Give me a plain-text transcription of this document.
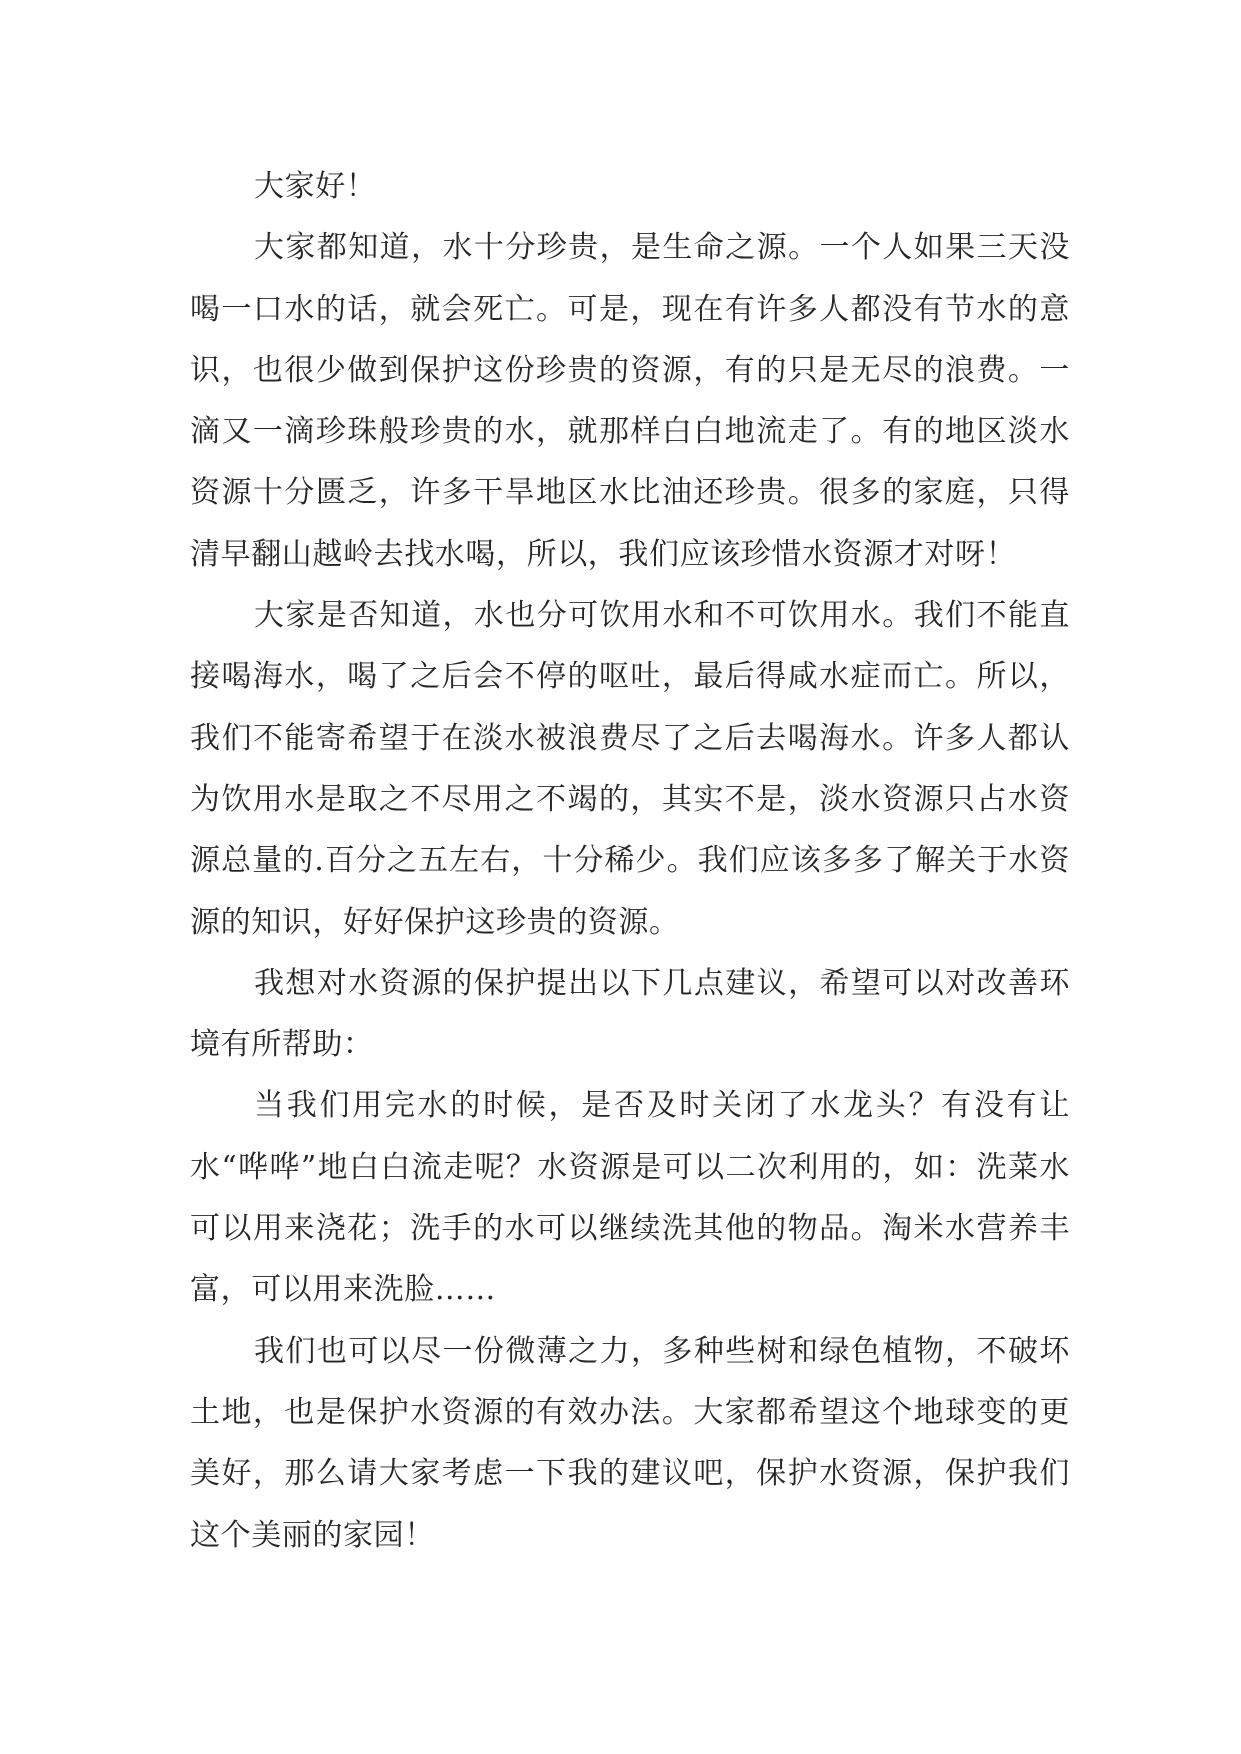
大家好！

大家都知道，水十分珍贵，是生命之源。一个人如果三天没喝一口水的话，就会死亡。可是，现在有许多人都没有节水的意识，也很少做到保护这份珍贵的资源，有的只是无尽的浪费。一滴又一滴珍珠般珍贵的水，就那样白白地流走了。有的地区淡水资源十分匮乏，许多干旱地区水比油还珍贵。很多的家庭，只得清早翻山越岭去找水喝，所以，我们应该珍惜水资源才对呀！

大家是否知道，水也分可饮用水和不可饮用水。我们不能直接喝海水，喝了之后会不停的呕吐，最后得咸水症而亡。所以，我们不能寄希望于在淡水被浪费尽了之后去喝海水。许多人都认为饮用水是取之不尽用之不竭的，其实不是，淡水资源只占水资源总量的.百分之五左右，十分稀少。我们应该多多了解关于水资源的知识，好好保护这珍贵的资源。

我想对水资源的保护提出以下几点建议，希望可以对改善环境有所帮助：

当我们用完水的时候，是否及时关闭了水龙头？有没有让水“哗哗”地白白流走呢？水资源是可以二次利用的，如：洗菜水可以用来浇花；洗手的水可以继续洗其他的物品。淘米水营养丰富，可以用来洗脸……

我们也可以尽一份微薄之力，多种些树和绿色植物，不破坏土地，也是保护水资源的有效办法。大家都希望这个地球变的更美好，那么请大家考虑一下我的建议吧，保护水资源，保护我们这个美丽的家园！
